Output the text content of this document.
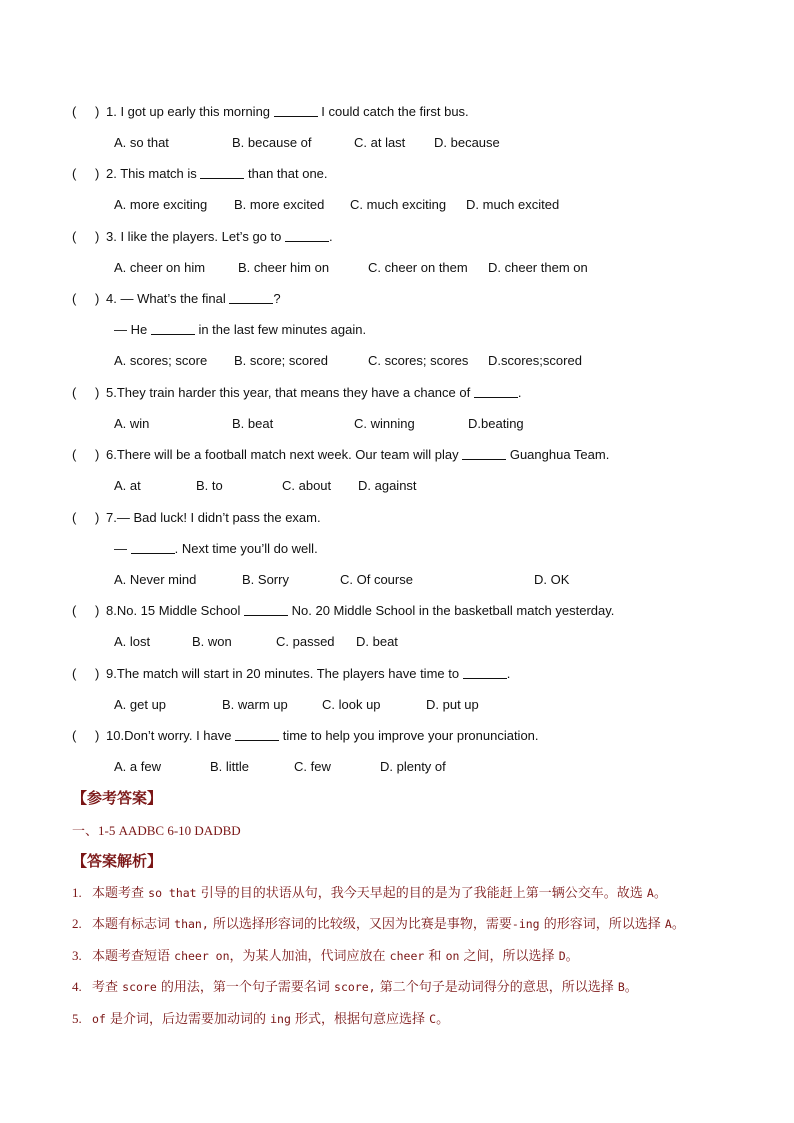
( ) 1. I got up early this morning	I could catch the first bus.
A. so that	B. because of	C. at last D. because
( ) 2. This match is	than that one.
A. more exciting B. more excited C. much exciting D. much excited
( ) 3. I like the players. Let’s go to	.
A. cheer on him	B. cheer him on	C. cheer on them D. cheer them on
( ) 4. — What’s the final	?
— He	in the last few minutes again.
A. scores; score B. score; scored	C. scores; scores D.scores;scored
( ) 5.They train harder this year, that means they have a chance of	.
A. win	B. beat	C. winning	D.beating
( ) 6.There will be a football match next week. Our team will play	Guanghua Team.
A. at	B. to	C. about D. against
( ) 7.— Bad luck! I didn’t pass the exam.
—	. Next time you’ll do well.
A. Never mind	B. Sorry	C. Of course	D. OK
( ) 8.No. 15 Middle School	No. 20 Middle School in the basketball match yesterday.
A. lost	B. won	C. passed D. beat
( ) 9.The match will start in 20 minutes. The players have time to	.
A. get up	B. warm up	C. look up	D. put up
( ) 10.Don’t worry. I have	time to help you improve your pronunciation.
A. a few	B. little	C. few	D. plenty of
【参考答案】
一、1-5 AADBC 6-10 DADBD
【答案解析】
1. 本题考查 so that 引导的目的状语从句，我今天早起的目的是为了我能赶上第一辆公交车。故选 A。
2. 本题有标志词 than, 所以选择形容词的比较级，又因为比赛是事物，需要-ing 的形容词，所以选择 A。
3. 本题考查短语 cheer on，为某人加油，代词应放在 cheer 和 on 之间，所以选择 D。
4. 考查 score 的用法，第一个句子需要名词 score, 第二个句子是动词得分的意思，所以选择 B。
5. of 是介词，后边需要加动词的 ing 形式，根据句意应选择 C。
